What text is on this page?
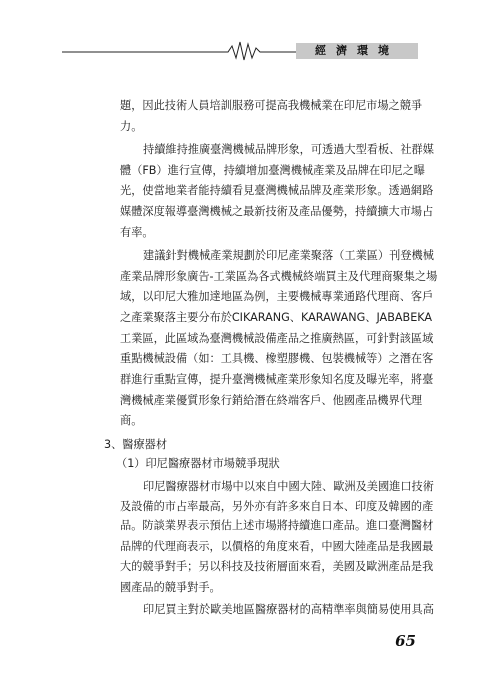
經濟環境
題，因此技術人員培訓服務可提高我機械業在印尼市場之競爭
力。
持續維持推廣臺灣機械品牌形象，可透過大型看板、社群媒
體（FB）進行宣傳，持續增加臺灣機械產業及品牌在印尼之曝
光，使當地業者能持續看見臺灣機械品牌及產業形象。透過網路
媒體深度報導臺灣機械之最新技術及產品優勢，持續擴大市場占
有率。
建議針對機械產業規劃於印尼產業聚落（工業區）刊登機械
產業品牌形象廣告-工業區為各式機械終端買主及代理商聚集之場
域，以印尼大雅加達地區為例，主要機械專業通路代理商、客戶
之產業聚落主要分布於CIKARANG、KARAWANG、JABABEKA
工業區，此區域為臺灣機械設備產品之推廣熱區，可針對該區域
重點機械設備（如：工具機、橡塑膠機、包裝機械等）之潛在客
群進行重點宣傳，提升臺灣機械產業形象知名度及曝光率，將臺
灣機械產業優質形象行銷給潛在終端客戶、他國產品機界代理
商。
3、醫療器材
（1）印尼醫療器材市場競爭現狀
印尼醫療器材市場中以來自中國大陸、歐洲及美國進口技術
及設備的市占率最高，另外亦有許多來自日本、印度及韓國的產
品。防談業界表示預估上述市場將持續進口產品。進口臺灣醫材
品牌的代理商表示，以價格的角度來看，中國大陸產品是我國最
大的競爭對手；另以科技及技術層面來看，美國及歐洲產品是我
國產品的競爭對手。
印尼買主對於歐美地區醫療器材的高精準率與簡易使用具高
65
